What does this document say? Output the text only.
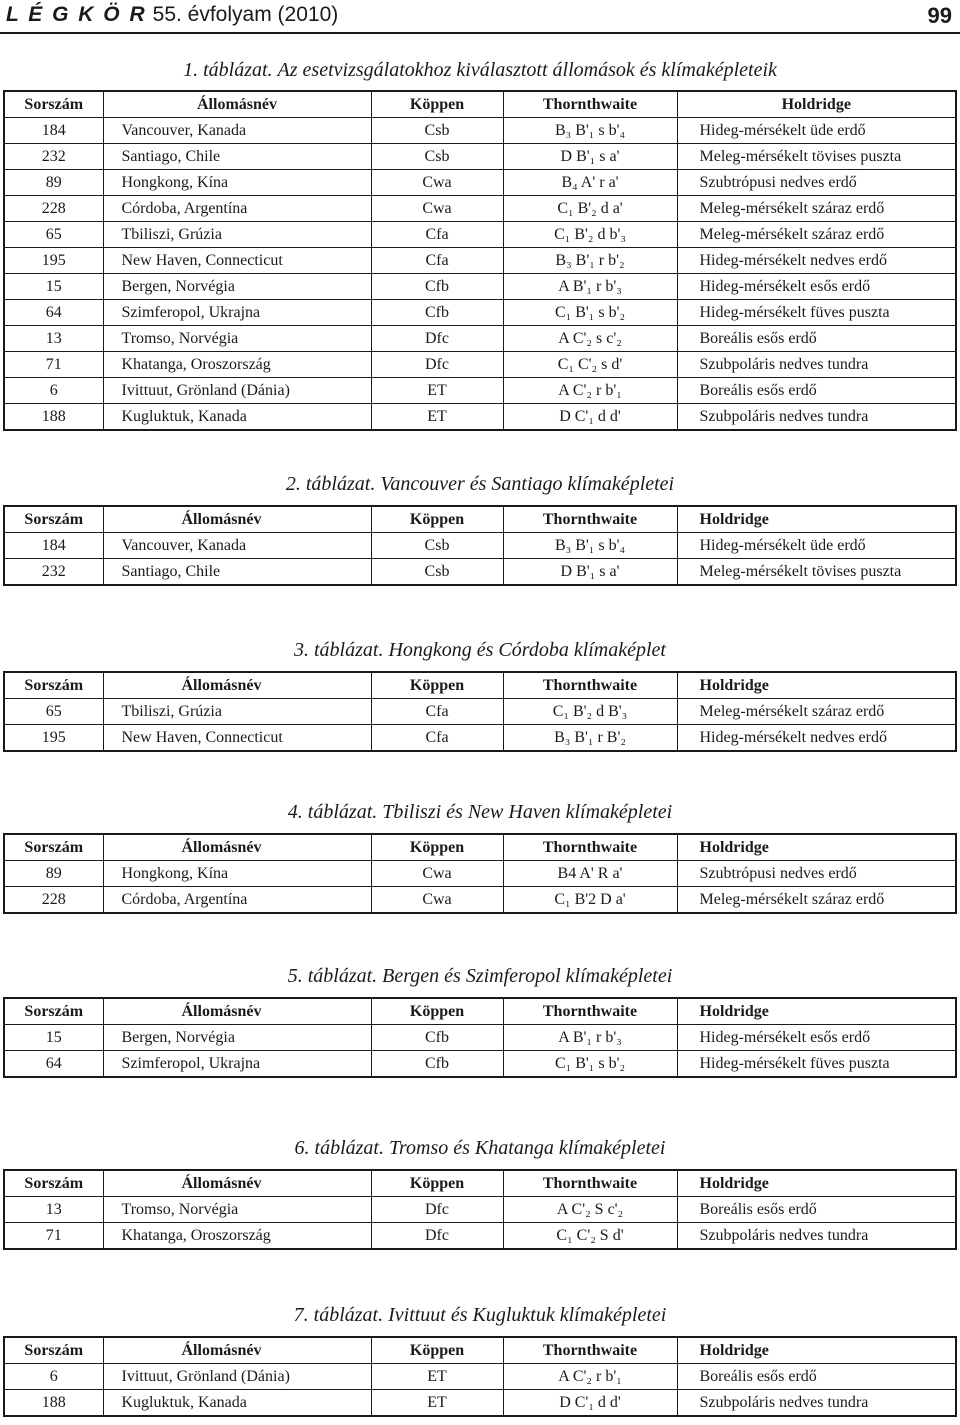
L É G K Ö R 55. évfolyam (2010)	99
1. táblázat. Az esetvizsgálatokhoz kiválasztott állomások és klímaképleteik
Sorszám	Állomásnév	Köppen	Thornthwaite	Holdridge
184	Vancouver, Kanada	Csb	B₃ B'₁ s b'₄	Hideg-mérsékelt üde erdő
232	Santiago, Chile	Csb	D B'₁ s a'	Meleg-mérsékelt tövises puszta
89	Hongkong, Kína	Cwa	B₄ A' r a'	Szubtrópusi nedves erdő
228	Córdoba, Argentína	Cwa	C₁ B'₂ d a'	Meleg-mérsékelt száraz erdő
65	Tbiliszi, Grúzia	Cfa	C₁ B'₂ d b'₃	Meleg-mérsékelt száraz erdő
195	New Haven, Connecticut	Cfa	B₃ B'₁ r b'₂	Hideg-mérsékelt nedves erdő
15	Bergen, Norvégia	Cfb	A B'₁ r b'₃	Hideg-mérsékelt esős erdő
64	Szimferopol, Ukrajna	Cfb	C₁ B'₁ s b'₂	Hideg-mérsékelt füves puszta
13	Tromso, Norvégia	Dfc	A C'₂ s c'₂	Boreális esős erdő
71	Khatanga, Oroszország	Dfc	C₁ C'₂ s d'	Szubpoláris nedves tundra
6	Ivittuut, Grönland (Dánia)	ET	A C'₂ r b'₁	Boreális esős erdő
188	Kugluktuk, Kanada	ET	D C'₁ d d'	Szubpoláris nedves tundra
2. táblázat. Vancouver és Santiago klímaképletei
Sorszám	Állomásnév	Köppen	Thornthwaite	Holdridge
184	Vancouver, Kanada	Csb	B₃ B'₁ s b'₄	Hideg-mérsékelt üde erdő
232	Santiago, Chile	Csb	D B'₁ s a'	Meleg-mérsékelt tövises puszta
3. táblázat. Hongkong és Córdoba klímaképlet
Sorszám	Állomásnév	Köppen	Thornthwaite	Holdridge
65	Tbiliszi, Grúzia	Cfa	C₁ B'₂ d B'₃	Meleg-mérsékelt száraz erdő
195	New Haven, Connecticut	Cfa	B₃ B'₁ r B'₂	Hideg-mérsékelt nedves erdő
4. táblázat. Tbiliszi és New Haven klímaképletei
Sorszám	Állomásnév	Köppen	Thornthwaite	Holdridge
89	Hongkong, Kína	Cwa	B4 A' R a'	Szubtrópusi nedves erdő
228	Córdoba, Argentína	Cwa	C₁ B'2 D a'	Meleg-mérsékelt száraz erdő
5. táblázat. Bergen és Szimferopol klímaképletei
Sorszám	Állomásnév	Köppen	Thornthwaite	Holdridge
15	Bergen, Norvégia	Cfb	A B'₁ r b'₃	Hideg-mérsékelt esős erdő
64	Szimferopol, Ukrajna	Cfb	C₁ B'₁ s b'₂	Hideg-mérsékelt füves puszta
6. táblázat. Tromso és Khatanga klímaképletei
Sorszám	Állomásnév	Köppen	Thornthwaite	Holdridge
13	Tromso, Norvégia	Dfc	A C'₂ S c'₂	Boreális esős erdő
71	Khatanga, Oroszország	Dfc	C₁ C'₂ S d'	Szubpoláris nedves tundra
7. táblázat. Ivittuut és Kugluktuk klímaképletei
Sorszám	Állomásnév	Köppen	Thornthwaite	Holdridge
6	Ivittuut, Grönland (Dánia)	ET	A C'₂ r b'₁	Boreális esős erdő
188	Kugluktuk, Kanada	ET	D C'₁ d d'	Szubpoláris nedves tundra
